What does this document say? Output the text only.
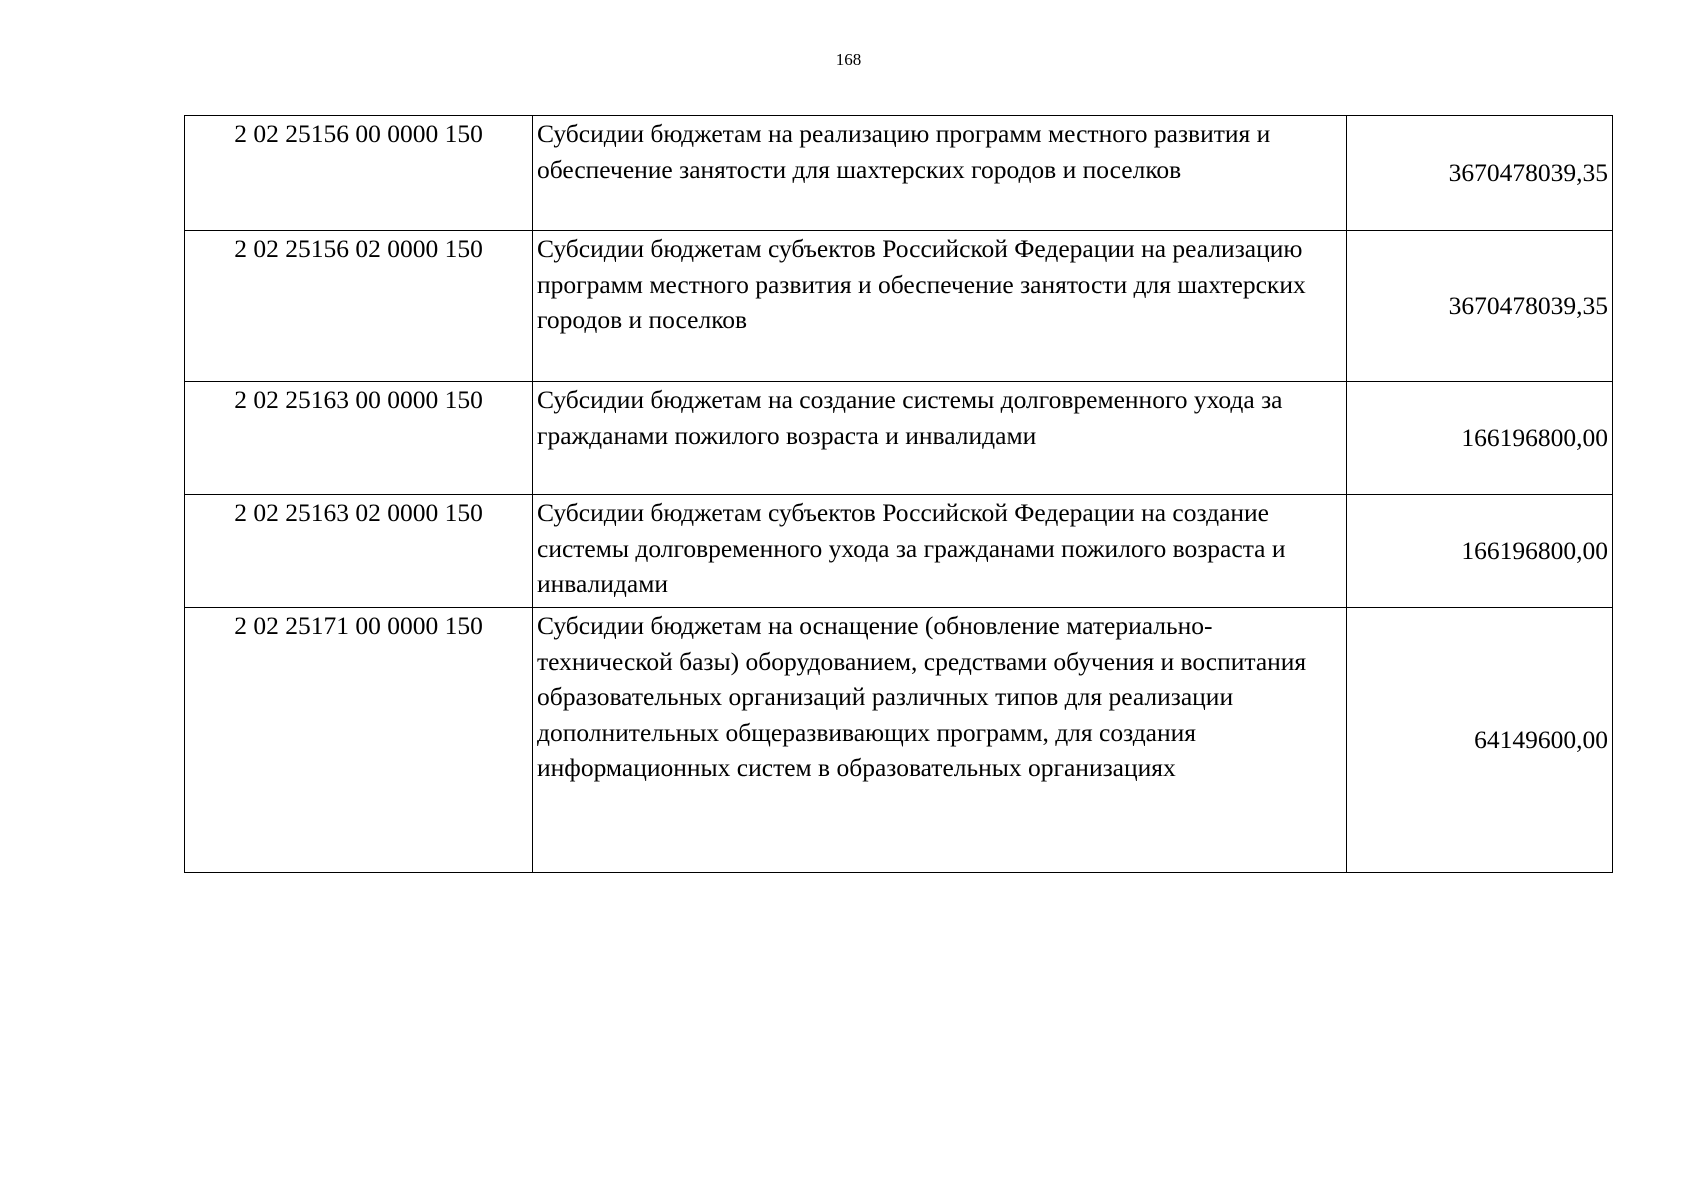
168
2 02 25156 00 0000 150	Субсидии бюджетам на реализацию программ местного развития и обеспечение занятости для шахтерских городов и поселков	3670478039,35
2 02 25156 02 0000 150	Субсидии бюджетам субъектов Российской Федерации на реализацию программ местного развития и обеспечение занятости для шахтерских городов и поселков	3670478039,35
2 02 25163 00 0000 150	Субсидии бюджетам на создание системы долговременного ухода за гражданами пожилого возраста и инвалидами	166196800,00
2 02 25163 02 0000 150	Субсидии бюджетам субъектов Российской Федерации на создание системы долговременного ухода за гражданами пожилого возраста и инвалидами	166196800,00
2 02 25171 00 0000 150	Субсидии бюджетам на оснащение (обновление материально-технической базы) оборудованием, средствами обучения и воспитания образовательных организаций различных типов для реализации дополнительных общеразвивающих программ, для создания информационных систем в образовательных организациях	64149600,00
